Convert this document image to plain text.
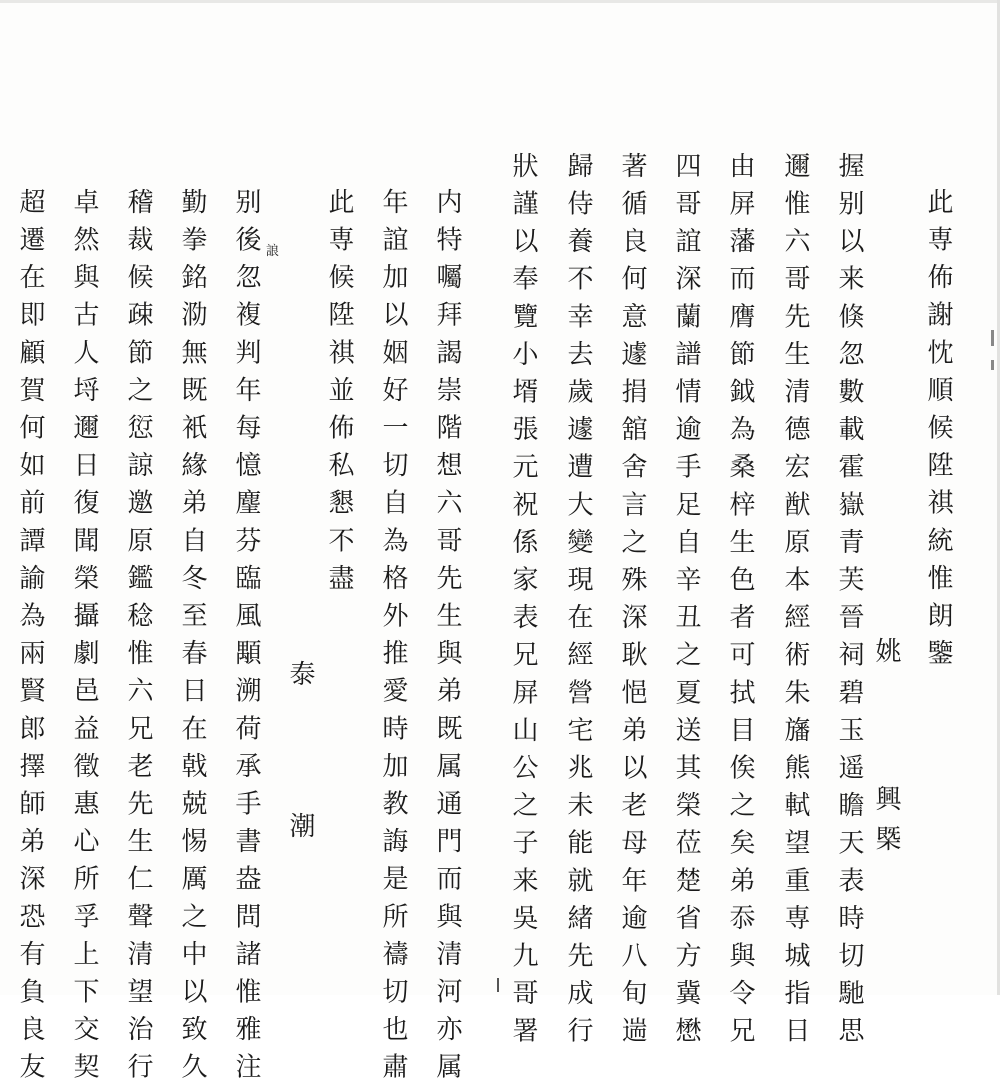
此専佈謝忱順候陞祺統惟朗鑒
握别以来倏忽數載霍嶽青芙晉祠碧玉遥瞻天表時切馳思
邇惟六哥先生清德宏猷原本經術朱旛熊軾望重専城指日
由屏藩而膺節鉞為桑梓生色者可拭目俟之矣弟忝與令兄
四哥誼深蘭譜情逾手足自辛丑之夏送其榮莅楚省方冀懋
著循良何意遽捐舘舍言之殊深耿悒弟以老母年逾八旬遄
歸侍養不幸去歲遽遭大變現在經營宅兆未能就緒先成行
狀謹以奉覽小壻張元祝係家表兄屏山公之子来吳九哥署
内特囑拜謁崇階想六哥先生與弟既属通門而與清河亦属
年誼加以姻好一切自為格外推愛時加教誨是所禱切也肅
此専候陞祺並佈私懇不盡
姚
興
槩
泰
潮
别後忽複判年每憶麈芬臨風顒溯荷承手書盎問諸惟雅注 誏
勤拳銘泐無既衹緣弟自冬至春日在戟兢惕厲之中以致久
稽裁候疎節之愆諒邀原鑑稔惟六兄老先生仁聲清望治行
卓然與古人埒邇日復聞榮攝劇邑益徵惠心所孚上下交契
超遷在即顧賀何如前譚諭為兩賢郎擇師弟深恐有負良友
